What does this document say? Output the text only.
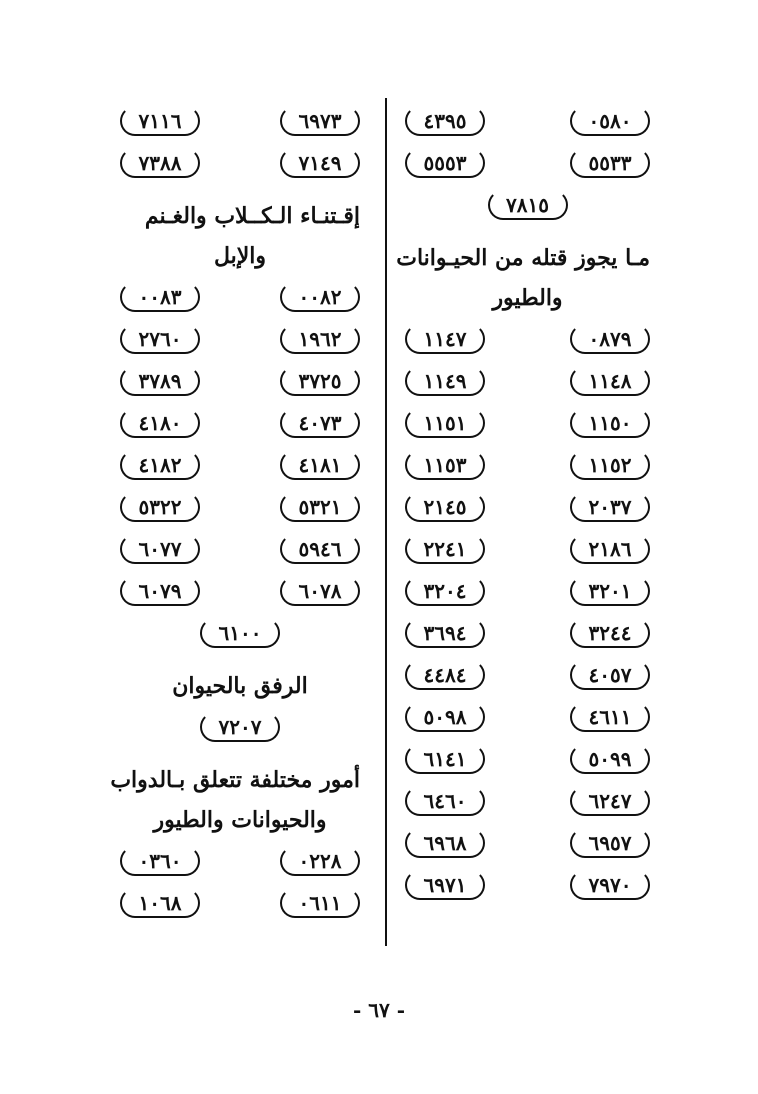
٠٥٨٠
٤٣٩٥
٥٥٣٣
٥٥٥٣
٧٨١٥
مـا يجوز قتله من الحيـوانات
والطيور
٠٨٧٩
١١٤٧
١١٤٨
١١٤٩
١١٥٠
١١٥١
١١٥٢
١١٥٣
٢٠٣٧
٢١٤٥
٢١٨٦
٢٢٤١
٣٢٠١
٣٢٠٤
٣٢٤٤
٣٦٩٤
٤٠٥٧
٤٤٨٤
٤٦١١
٥٠٩٨
٥٠٩٩
٦١٤١
٦٢٤٧
٦٤٦٠
٦٩٥٧
٦٩٦٨
٧٩٧٠
٦٩٧١
٦٩٧٣
٧١١٦
٧١٤٩
٧٣٨٨
إقـتنـاء الـكــلاب والغـنم
والإبل
٠٠٨٢
٠٠٨٣
١٩٦٢
٢٧٦٠
٣٧٢٥
٣٧٨٩
٤٠٧٣
٤١٨٠
٤١٨١
٤١٨٢
٥٣٢١
٥٣٢٢
٥٩٤٦
٦٠٧٧
٦٠٧٨
٦٠٧٩
٦١٠٠
الرفق بالحيوان
٧٢٠٧
أمور مختلفة تتعلق بـالدواب
والحيوانات والطيور
٠٢٢٨
٠٣٦٠
٠٦١١
١٠٦٨
- ٦٧ -
